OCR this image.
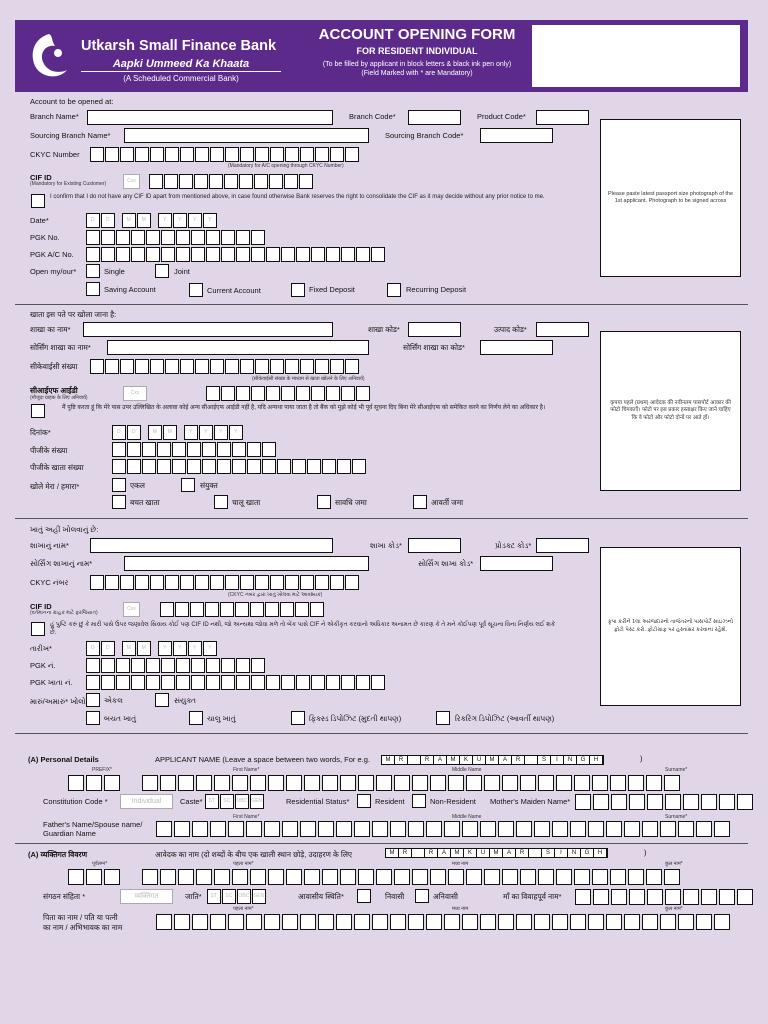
Utkarsh Small Finance Bank
Aapki Ummeed Ka Khaata
(A Scheduled Commercial Bank)
ACCOUNT OPENING FORM
FOR RESIDENT INDIVIDUAL
(To be filled by applicant in block letters & black ink pen only)
(Field Marked with * are Mandatory)
Account to be opened at:
Branch Name*	Branch Code*	Product Code*
Sourcing Branch Name*	Sourcing Branch Code*
CKYC Number
(Mandatory for A/C opening through CKYC Number)
CIF ID
(Mandatory for Existing Customer)	Cxx
I confirm that I do not have any CIF ID apart from mentioned above, in case found otherwise Bank reserves the right to consolidate the CIF as it may decide without any prior notice to me.
Date*	D	D	M	M	Y	Y	Y	Y
PGK No.
PGK A/C No.
Open my/our*	Single	Joint
Saving Account	Current Account	Fixed Deposit	Recurring Deposit
Please paste latest passport size photograph of the 1st applicant. Photograph to be signed across
खाता इस पते पर खोला जाना है:
शाखा का नाम*	शाखा कोड*	उत्पाद कोड*
सोर्सिंग शाखा का नाम*	सोर्सिंग शाखा का कोड*
सीकेवाईसी संख्या
(सीकेवाईसी संख्या के माध्यम से खाता खोलने के लिए अनिवार्य)
सीआईएफ आईडी
(मौजूदा ग्राहक के लिए अनिवार्य)
Cxx
मैं पुष्टि करता हूं कि मेरे पास उपर उल्लिखित के अलावा कोई अन्य सीआईएफ आईडी नहीं है, यदि अन्यथा पाया जाता है तो बैंक को मुझे कोई भी पूर्व सूचना दिए बिना मेरे सीआईएफ को समेकित करने का निर्णय लेने का अधिकार है।
दिनांक*	D	D	M	M	Y	Y	Y	Y
पीजीके संख्या
पीजीके खाता संख्या
खोले मेरा / हमारा*	एकल	संयुक्त
बचत खाता	चालू खाता	सावधि जमा	आवर्ती जमा
कृपया पहले (प्रथम) आवेदक की नवीनतम पासपोर्ट आकार की फोटो चिपकाएँ। फोटो पर इस प्रकार हस्ताक्षर किए जाने चाहिए कि वे फोटो और फोटो दोनों पर आते हों।
ખાતું અહીં ખોલવાનું છે:
શાખાનું નામ*	શાખા કોડ*	પ્રોડક્ટ કોડ*
સોર્સિંગ શાખાનું નામ*	સોર્સિંગ શાખા કોડ*
CKYC નંબર
(CKYC નંબર દ્વારા ખાતું ખોલવા માટે આવશ્યક)
CIF ID
(વર્તમાનના ગ્રાહક માટે ફરજિયાત)
Cxx
હું પુષ્ટિ કરું છું કે મારી પાસે ઉપર જણાવેલ સિવાય કોઈ પણ CIF ID નથી, જો અન્યથા જોવા મળે તો બેંક પાસે CIF ને એકીકૃત કરવાનો અધિકાર અનામત છે કારણ કે તે મને કોઈપણ પૂર્વ સૂચના વિના નિર્ણય લઈ શકે છે.
તારીખ*	D	D	M	M	Y	Y	Y	Y
PGK નં.
PGK ખાતા નં.
મારું/અમારું* ખોલો એકલ	સંયુક્ત
બચત ખાતું	ચાલુ ખાતું	ફિક્સ્ડ ડિપોઝિટ (મુદતી થાપણ)	રિકરિંગ ડિપોઝિટ (આવર્તી થાપણ)
કૃપા કરીને 1લા અરજદારનો તાજેતરનો પાસપોર્ટ સાઇઝનો ફોટો પેસ્ટ કરો. ફોટોગ્રાફ પર હસ્તાક્ષર કરવાના રહેશે.
(A) Personal Details	APPLICANT NAME (Leave a space between two words, For e.g.	M	R	R	A	M	K	U	M	A	R	S	I	N	G	H	)
PREFIX*	First Name*	Middle Name	Surname*
Constitution Code *	Individual	Caste*	ST	SC	OBC GEN	Residential Status*	Resident	Non-Resident Mother's Maiden Name*
First Name*	Middle Name	Surname*
Father's Name/Spouse name/
Guardian Name
(A) व्यक्तिगत विवरण	आवेदक का नाम (दो शब्दों के बीच एक खाली स्थान छोड़े, उदाहरण के लिए	M	R	R	A	M	K	U	M	A	R	S	I	N	G	H	)
पूर्वलग्न*	पहला नाम*	मध्य नाम	कुल नाम*
संगठन संहिता *	व्यक्तिगत	जाति*	ST	SC	OBC GEN	आवासीय स्थिति*	निवासी	अनिवासी	माँ का विवाहपूर्व नाम*
पहला नाम*	मध्य नाम	कुल नाम*
पिता का नाम / पति या पत्नी
का नाम / अभिभावक का नाम
